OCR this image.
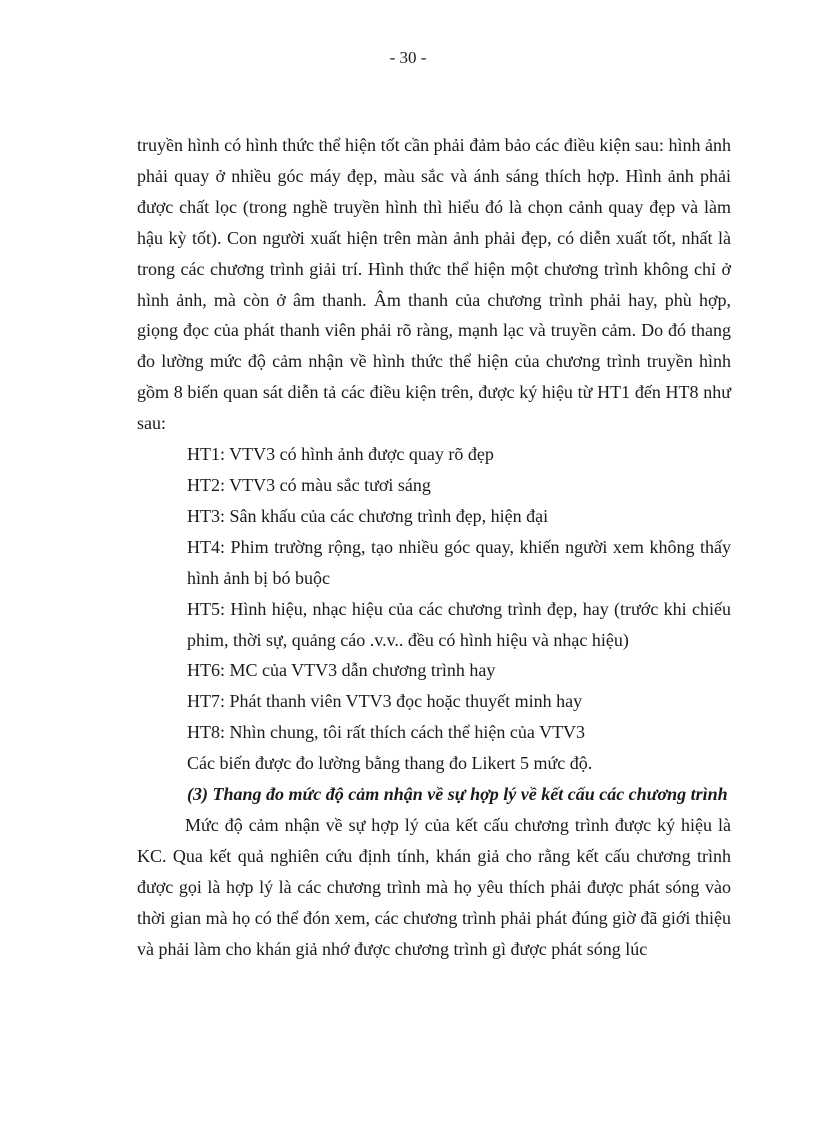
- 30 -

truyền hình có hình thức thể hiện tốt cần phải đảm bảo các điều kiện sau: hình ảnh phải quay ở nhiều góc máy đẹp, màu sắc và ánh sáng thích hợp. Hình ảnh phải được chất lọc (trong nghề truyền hình thì hiểu đó là chọn cảnh quay đẹp và làm hậu kỳ tốt). Con người xuất hiện trên màn ảnh phải đẹp, có diễn xuất tốt, nhất là trong các chương trình giải trí. Hình thức thể hiện một chương trình không chỉ ở hình ảnh, mà còn ở âm thanh. Âm thanh của chương trình phải hay, phù hợp, giọng đọc của phát thanh viên phải rõ ràng, mạnh lạc và truyền cảm. Do đó thang đo lường mức độ cảm nhận về hình thức thể hiện của chương trình truyền hình gồm 8 biến quan sát diễn tả các điều kiện trên, được ký hiệu từ HT1 đến HT8 như sau:

HT1: VTV3 có hình ảnh được quay rõ đẹp

HT2: VTV3 có màu sắc tươi sáng

HT3: Sân khấu của các chương trình đẹp, hiện đại

HT4: Phim trường rộng, tạo nhiều góc quay, khiến người xem không thấy hình ảnh bị bó buộc

HT5: Hình hiệu, nhạc hiệu của các chương trình đẹp, hay (trước khi chiếu phim, thời sự, quảng cáo .v.v.. đều có hình hiệu và nhạc hiệu)

HT6: MC của VTV3 dẫn chương trình hay

HT7: Phát thanh viên VTV3 đọc hoặc thuyết minh hay

HT8: Nhìn chung, tôi rất thích cách thể hiện của VTV3

Các biến được đo lường bằng thang đo Likert 5 mức độ.

(3) Thang đo mức độ cảm nhận về sự hợp lý về kết cấu các chương trình

Mức độ cảm nhận về sự hợp lý của kết cấu chương trình được ký hiệu là KC. Qua kết quả nghiên cứu định tính, khán giả cho rằng kết cấu chương trình được gọi là hợp lý là các chương trình mà họ yêu thích phải được phát sóng vào thời gian mà họ có thể đón xem, các chương trình phải phát đúng giờ đã giới thiệu và phải làm cho khán giả nhớ được chương trình gì được phát sóng lúc
